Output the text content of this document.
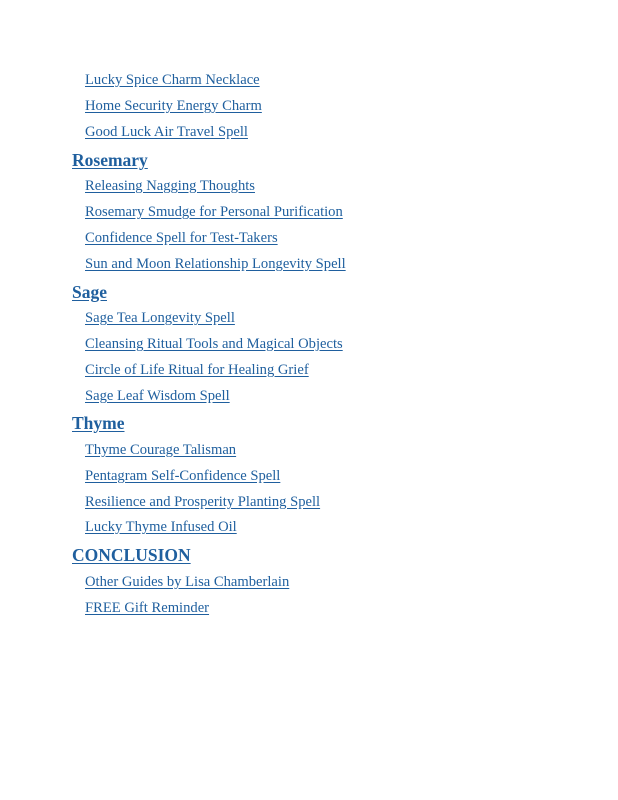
Lucky Spice Charm Necklace
Home Security Energy Charm
Good Luck Air Travel Spell
Rosemary
Releasing Nagging Thoughts
Rosemary Smudge for Personal Purification
Confidence Spell for Test-Takers
Sun and Moon Relationship Longevity Spell
Sage
Sage Tea Longevity Spell
Cleansing Ritual Tools and Magical Objects
Circle of Life Ritual for Healing Grief
Sage Leaf Wisdom Spell
Thyme
Thyme Courage Talisman
Pentagram Self-Confidence Spell
Resilience and Prosperity Planting Spell
Lucky Thyme Infused Oil
CONCLUSION
Other Guides by Lisa Chamberlain
FREE Gift Reminder
